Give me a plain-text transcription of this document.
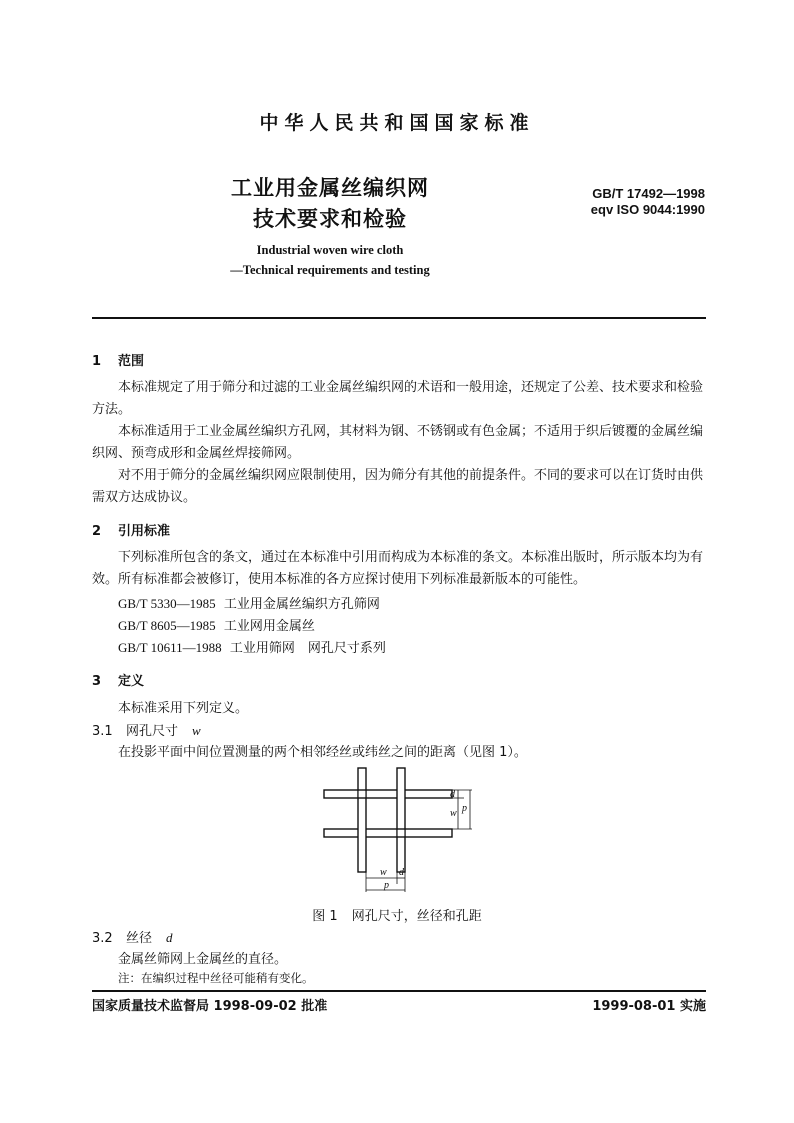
中华人民共和国国家标准
工业用金属丝编织网
技术要求和检验
GB/T 17492—1998
eqv ISO 9044:1990
Industrial woven wire cloth
—Technical requirements and testing
1 范围
本标准规定了用于筛分和过滤的工业金属丝编织网的术语和一般用途，还规定了公差、技术要求和检验方法。
本标准适用于工业金属丝编织方孔网，其材料为钢、不锈钢或有色金属；不适用于织后镀覆的金属丝编织网、预弯成形和金属丝焊接筛网。
对不用于筛分的金属丝编织网应限制使用，因为筛分有其他的前提条件。不同的要求可以在订货时由供需双方达成协议。
2 引用标准
下列标准所包含的条文，通过在本标准中引用而构成为本标准的条文。本标准出版时，所示版本均为有效。所有标准都会被修订，使用本标准的各方应探讨使用下列标准最新版本的可能性。
GB/T 5330—1985 工业用金属丝编织方孔筛网
GB/T 8605—1985 工业网用金属丝
GB/T 10611—1988 工业用筛网　网孔尺寸系列
3 定义
本标准采用下列定义。
3.1 网孔尺寸 w
在投影平面中间位置测量的两个相邻经丝或纬丝之间的距离（见图 1）。
d
w p
w d
p
图 1 网孔尺寸，丝径和孔距
3.2 丝径 d
金属丝筛网上金属丝的直径。
注：在编织过程中丝径可能稍有变化。
国家质量技术监督局 1998-09-02 批准	1999-08-01 实施
